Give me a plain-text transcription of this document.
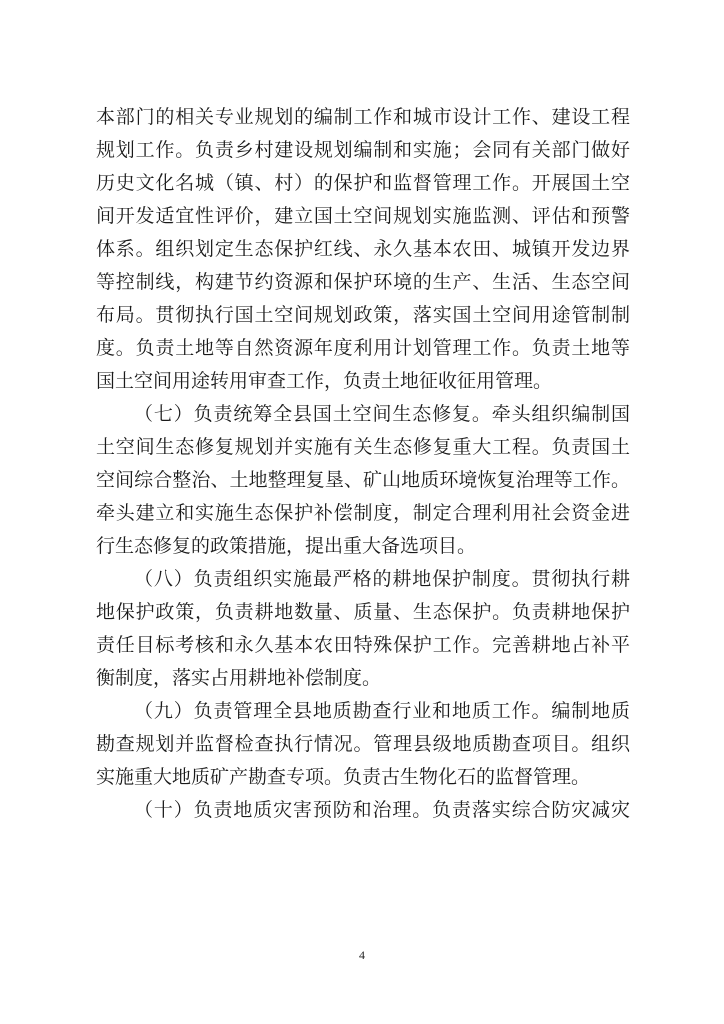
本部门的相关专业规划的编制工作和城市设计工作、建设工程
规划工作。负责乡村建设规划编制和实施；会同有关部门做好
历史文化名城（镇、村）的保护和监督管理工作。开展国土空
间开发适宜性评价，建立国土空间规划实施监测、评估和预警
体系。组织划定生态保护红线、永久基本农田、城镇开发边界
等控制线，构建节约资源和保护环境的生产、生活、生态空间
布局。贯彻执行国土空间规划政策，落实国土空间用途管制制
度。负责土地等自然资源年度利用计划管理工作。负责土地等
国土空间用途转用审查工作，负责土地征收征用管理。
（七）负责统筹全县国土空间生态修复。牵头组织编制国
土空间生态修复规划并实施有关生态修复重大工程。负责国土
空间综合整治、土地整理复垦、矿山地质环境恢复治理等工作。
牵头建立和实施生态保护补偿制度，制定合理利用社会资金进
行生态修复的政策措施，提出重大备选项目。
（八）负责组织实施最严格的耕地保护制度。贯彻执行耕
地保护政策，负责耕地数量、质量、生态保护。负责耕地保护
责任目标考核和永久基本农田特殊保护工作。完善耕地占补平
衡制度，落实占用耕地补偿制度。
（九）负责管理全县地质勘查行业和地质工作。编制地质
勘查规划并监督检查执行情况。管理县级地质勘查项目。组织
实施重大地质矿产勘查专项。负责古生物化石的监督管理。
（十）负责地质灾害预防和治理。负责落实综合防灾减灾
4
